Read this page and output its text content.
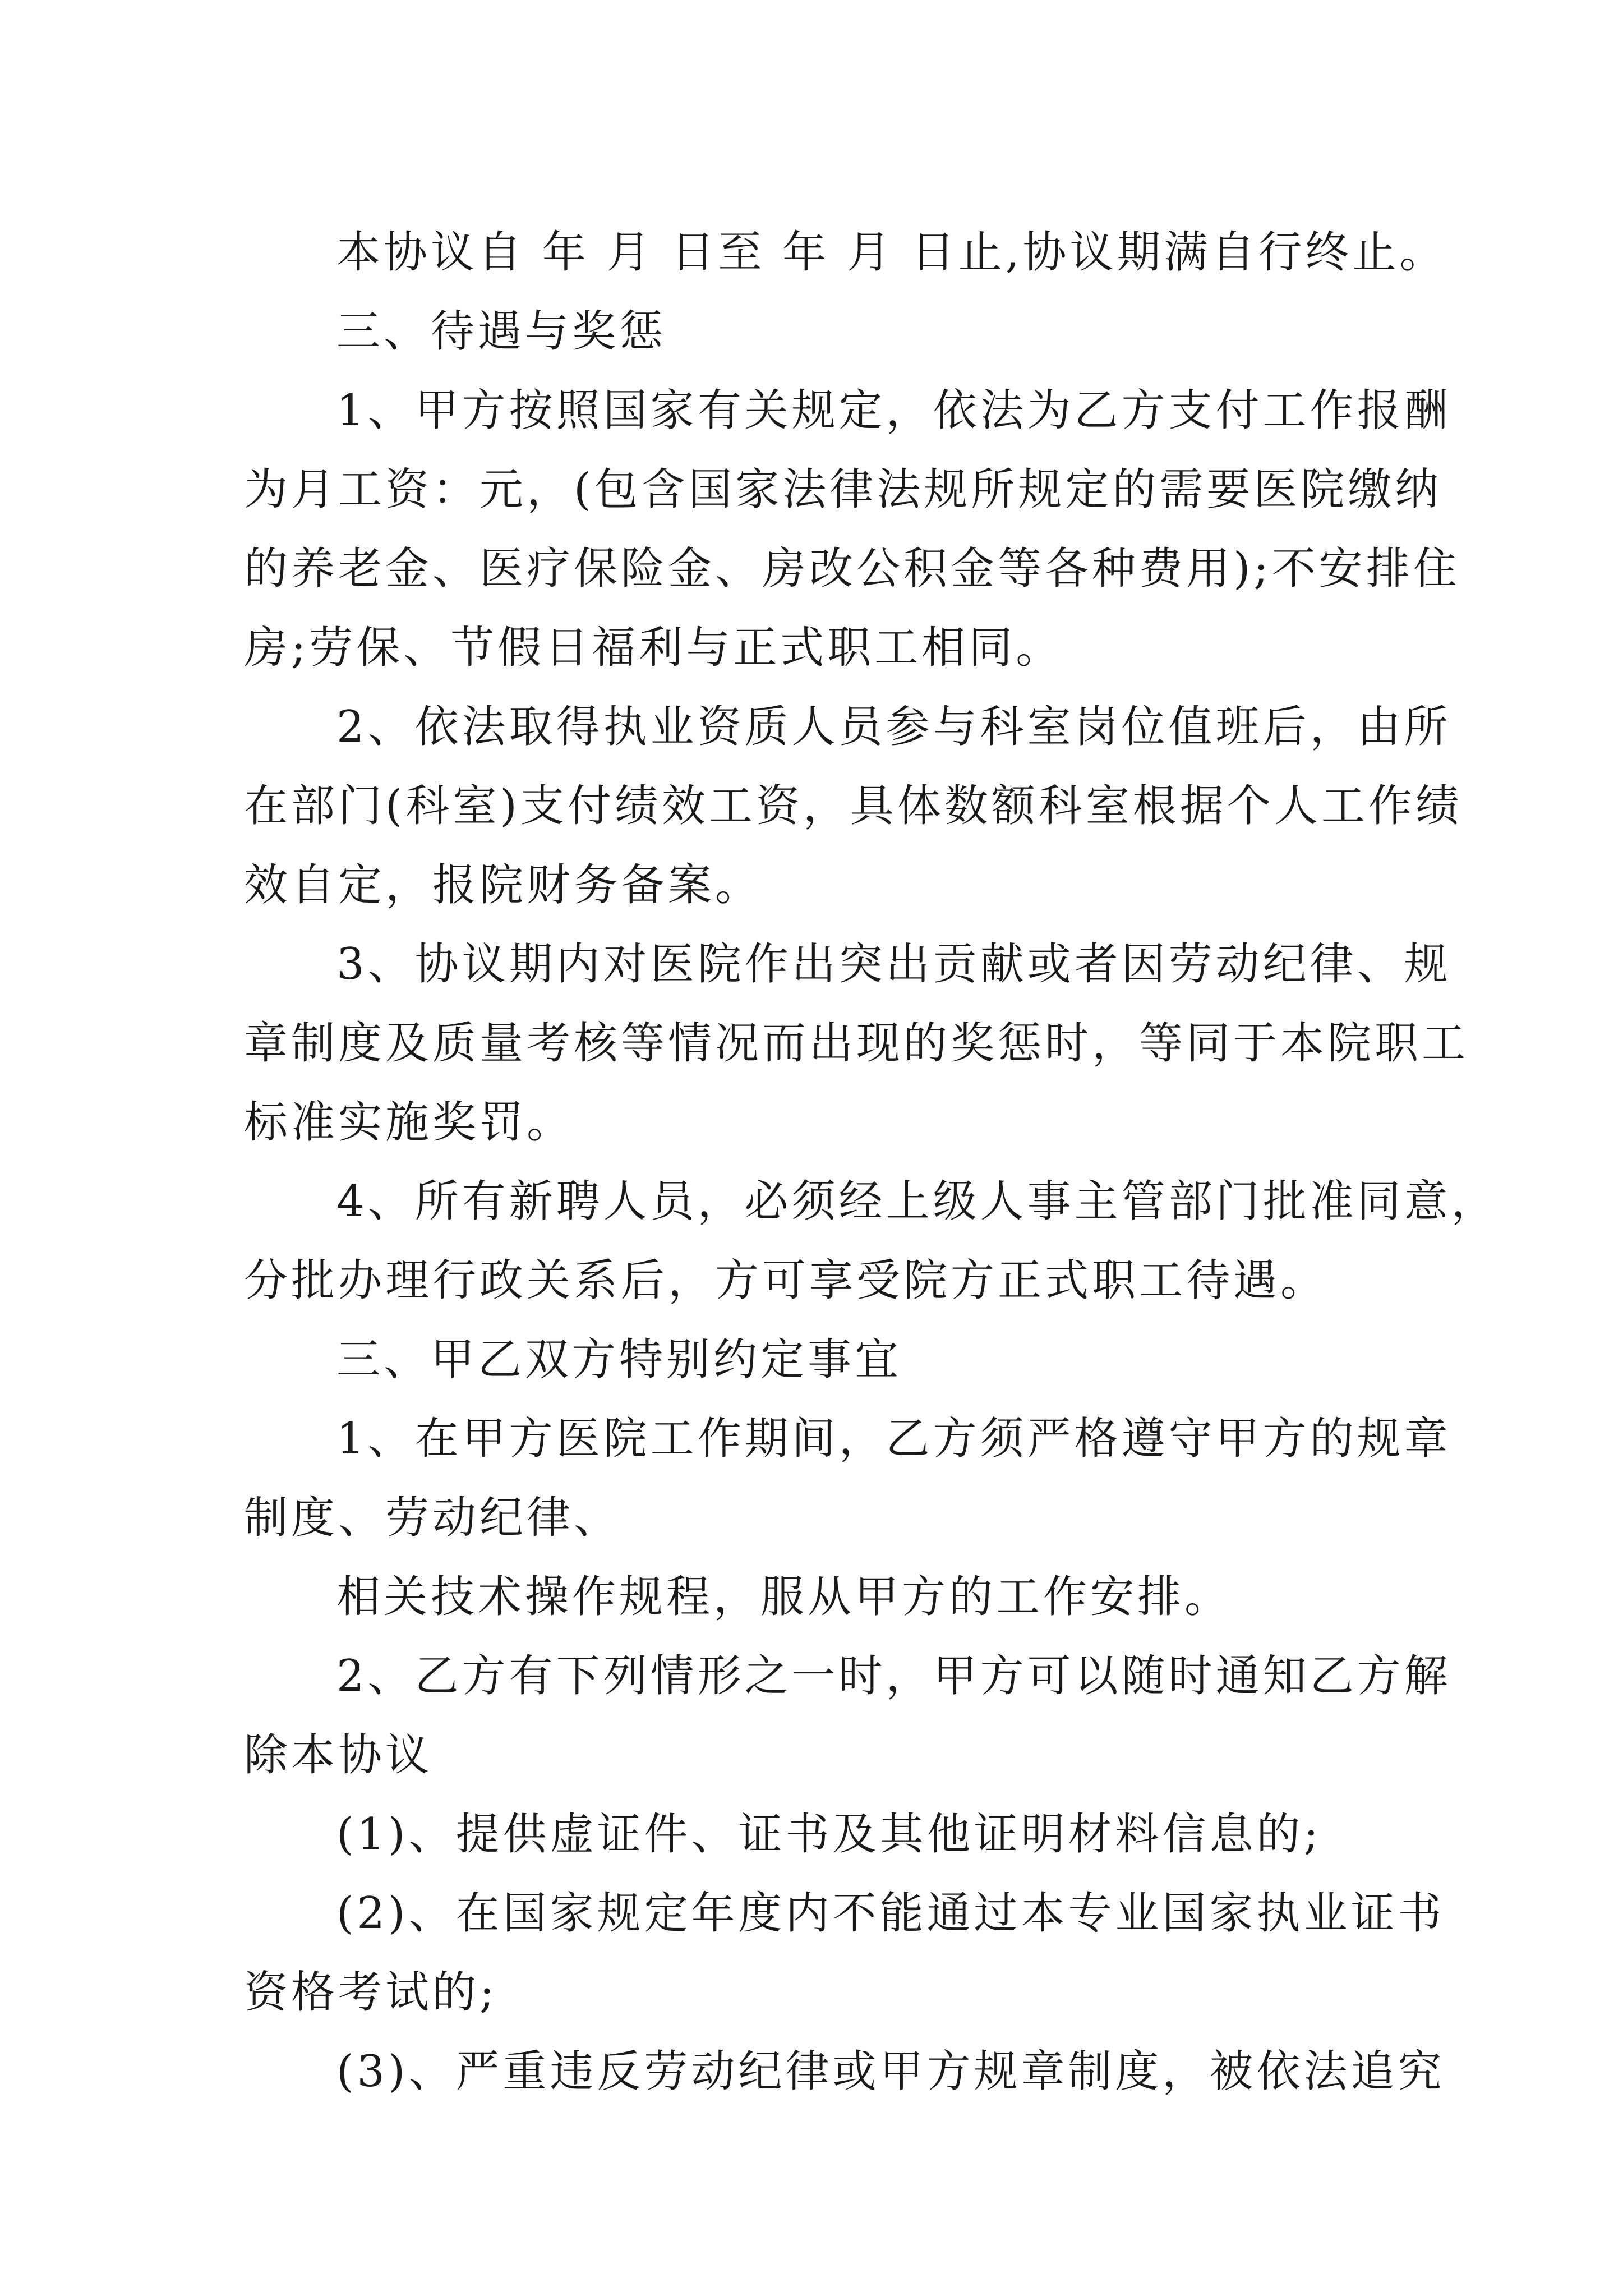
本协议自 年 月 日至 年 月 日止,协议期满自行终止。
三、待遇与奖惩
1、甲方按照国家有关规定，依法为乙方支付工作报酬
为月工资：元，(包含国家法律法规所规定的需要医院缴纳
的养老金、医疗保险金、房改公积金等各种费用);不安排住
房;劳保、节假日福利与正式职工相同。
2、依法取得执业资质人员参与科室岗位值班后，由所
在部门(科室)支付绩效工资，具体数额科室根据个人工作绩
效自定，报院财务备案。
3、协议期内对医院作出突出贡献或者因劳动纪律、规
章制度及质量考核等情况而出现的奖惩时，等同于本院职工
标准实施奖罚。
4、所有新聘人员，必须经上级人事主管部门批准同意，
分批办理行政关系后，方可享受院方正式职工待遇。
三、甲乙双方特别约定事宜
1、在甲方医院工作期间，乙方须严格遵守甲方的规章
制度、劳动纪律、
相关技术操作规程，服从甲方的工作安排。
2、乙方有下列情形之一时，甲方可以随时通知乙方解
除本协议
(1)、提供虚证件、证书及其他证明材料信息的;
(2)、在国家规定年度内不能通过本专业国家执业证书
资格考试的;
(3)、严重违反劳动纪律或甲方规章制度，被依法追究
